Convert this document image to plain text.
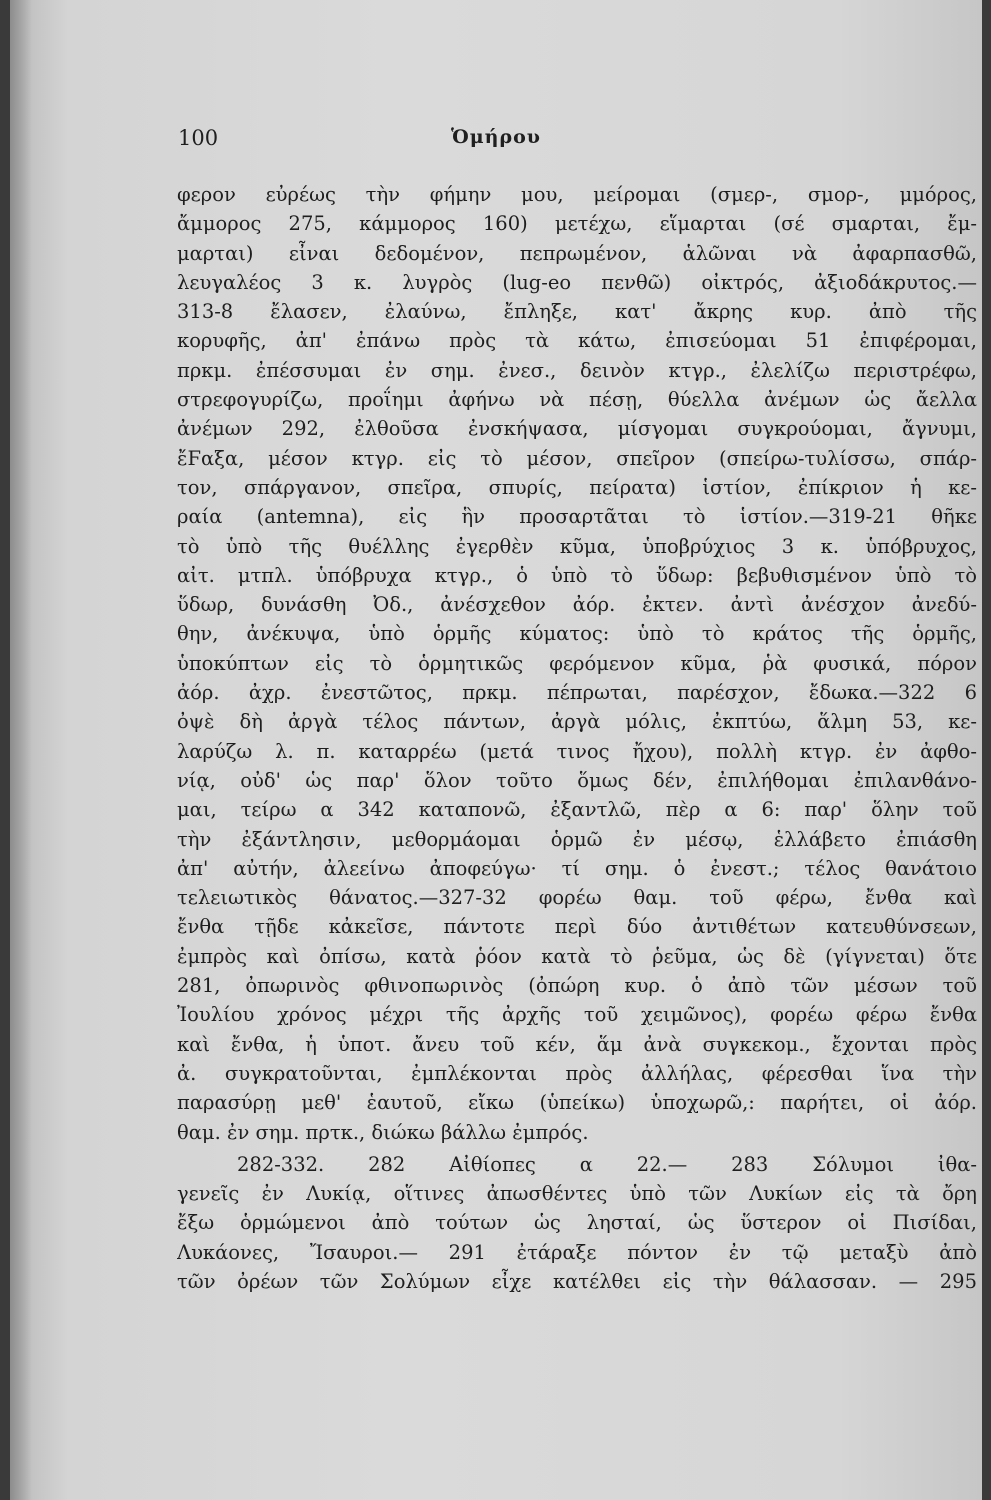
100	Ὁμήρου
φερον εὐρέως τὴν φήμην μου, μείρομαι (σμερ-, σμορ-, μμόρος,
ἄμμορος 275, κάμμορος 160) μετέχω, εἵμαρται (σέ σμαρται, ἔμ-
μαρται) εἶναι δεδομένον, πεπρωμένον, ἁλῶναι νὰ ἀφαρπασθῶ,
λευγαλέος 3 κ. λυγρὸς (lug-eo πενθῶ) οἰκτρός, ἀξιοδάκρυτος.—
313-8 ἔλασεν, ἐλαύνω, ἔπληξε, κατ' ἄκρης κυρ. ἀπὸ τῆς
κορυφῆς, ἀπ' ἐπάνω πρὸς τὰ κάτω, ἐπισεύομαι 51 ἐπιφέρομαι,
πρκμ. ἐπέσσυμαι ἐν σημ. ἐνεσ., δεινὸν κτγρ., ἐλελίζω περιστρέφω,
στρεφογυρίζω, προΐημι ἀφήνω νὰ πέσῃ, θύελλα ἀνέμων ὡς ἄελλα
ἀνέμων 292, ἐλθοῦσα ἐνσκήψασα, μίσγομαι συγκρούομαι, ἄγνυμι,
ἔϜαξα, μέσον κτγρ. εἰς τὸ μέσον, σπεῖρον (σπείρω-τυλίσσω, σπάρ-
τον, σπάργανον, σπεῖρα, σπυρίς, πείρατα) ἱστίον, ἐπίκριον ἡ κε-
ραία (antemna), εἰς ἣν προσαρτᾶται τὸ ἱστίον.—319-21 θῆκε
τὸ ὑπὸ τῆς θυέλλης ἐγερθὲν κῦμα, ὑποβρύχιος 3 κ. ὑπόβρυχος,
αἰτ. μτπλ. ὑπόβρυχα κτγρ., ὁ ὑπὸ τὸ ὕδωρ: βεβυθισμένον ὑπὸ τὸ
ὕδωρ, δυνάσθη Ὀδ., ἀνέσχεθον ἀόρ. ἐκτεν. ἀντὶ ἀνέσχον ἀνεδύ-
θην, ἀνέκυψα, ὑπὸ ὁρμῆς κύματος: ὑπὸ τὸ κράτος τῆς ὁρμῆς,
ὑποκύπτων εἰς τὸ ὁρμητικῶς φερόμενον κῦμα, ῥὰ φυσικά, πόρον
ἀόρ. ἀχρ. ἐνεστῶτος, πρκμ. πέπρωται, παρέσχον, ἔδωκα.—322 6
ὀψὲ δὴ ἀργὰ τέλος πάντων, ἀργὰ μόλις, ἐκπτύω, ἅλμη 53, κε-
λαρύζω λ. π. καταρρέω (μετά τινος ἤχου), πολλὴ κτγρ. ἐν ἀφθο-
νίᾳ, οὐδ' ὡς παρ' ὅλον τοῦτο ὅμως δέν, ἐπιλήθομαι ἐπιλανθάνο-
μαι, τείρω α 342 καταπονῶ, ἐξαντλῶ, πὲρ α 6: παρ' ὅλην τοῦ
τὴν ἐξάντλησιν, μεθορμάομαι ὁρμῶ ἐν μέσῳ, ἑλλάβετο ἐπιάσθη
ἀπ' αὐτήν, ἀλεείνω ἀποφεύγω· τί σημ. ὁ ἐνεστ.; τέλος θανάτοιο
τελειωτικὸς θάνατος.—327-32 φορέω θαμ. τοῦ φέρω, ἔνθα καὶ
ἔνθα τῇδε κἀκεῖσε, πάντοτε περὶ δύο ἀντιθέτων κατευθύνσεων,
ἐμπρὸς καὶ ὀπίσω, κατὰ ῥόον κατὰ τὸ ῥεῦμα, ὡς δὲ (γίγνεται) ὅτε
281, ὀπωρινὸς φθινοπωρινὸς (ὀπώρη κυρ. ὁ ἀπὸ τῶν μέσων τοῦ
Ἰουλίου χρόνος μέχρι τῆς ἀρχῆς τοῦ χειμῶνος), φορέω φέρω ἔνθα
καὶ ἔνθα, ἡ ὑποτ. ἄνευ τοῦ κέν, ἅμ ἀνὰ συγκεκομ., ἔχονται πρὸς
ἀ. συγκρατοῦνται, ἐμπλέκονται πρὸς ἀλλήλας, φέρεσθαι ἵνα τὴν
παρασύρῃ μεθ' ἑαυτοῦ, εἴκω (ὑπείκω) ὑποχωρῶ,: παρήτει, οἱ ἀόρ.
θαμ. ἐν σημ. πρτκ., διώκω βάλλω ἐμπρός.
282-332. 282 Αἰθίοπες α 22.— 283 Σόλυμοι ἰθα-
γενεῖς ἐν Λυκίᾳ, οἵτινες ἀπωσθέντες ὑπὸ τῶν Λυκίων εἰς τὰ ὄρη
ἔξω ὁρμώμενοι ἀπὸ τούτων ὡς λησταί, ὡς ὕστερον οἱ Πισίδαι,
Λυκάονες, Ἴσαυροι.— 291 ἐτάραξε πόντον ἐν τῷ μεταξὺ ἀπὸ
τῶν ὀρέων τῶν Σολύμων εἶχε κατέλθει εἰς τὴν θάλασσαν. — 295
